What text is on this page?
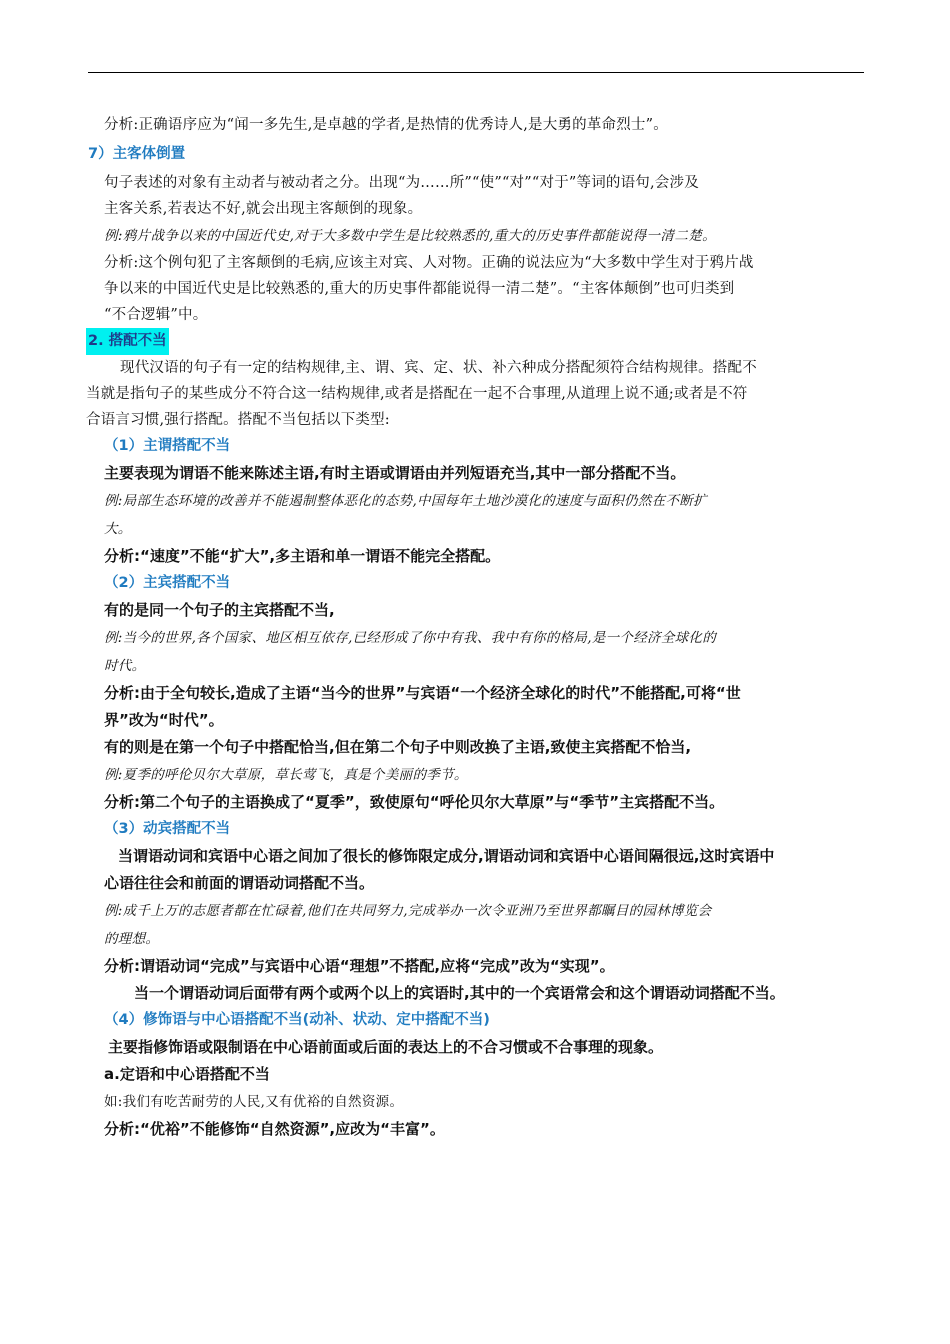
分析:正确语序应为“闻一多先生,是卓越的学者,是热情的优秀诗人,是大勇的革命烈士”。
7）主客体倒置
句子表述的对象有主动者与被动者之分。出现“为……所”“使”“对”“对于”等词的语句,会涉及
主客关系,若表达不好,就会出现主客颠倒的现象。
例:鸦片战争以来的中国近代史,对于大多数中学生是比较熟悉的,重大的历史事件都能说得一清二楚。
分析:这个例句犯了主客颠倒的毛病,应该主对宾、人对物。正确的说法应为“大多数中学生对于鸦片战
争以来的中国近代史是比较熟悉的,重大的历史事件都能说得一清二楚”。“主客体颠倒”也可归类到
“不合逻辑”中。
2. 搭配不当
现代汉语的句子有一定的结构规律,主、谓、宾、定、状、补六种成分搭配须符合结构规律。搭配不
当就是指句子的某些成分不符合这一结构规律,或者是搭配在一起不合事理,从道理上说不通;或者是不符
合语言习惯,强行搭配。搭配不当包括以下类型:
（1）主谓搭配不当
主要表现为谓语不能来陈述主语,有时主语或谓语由并列短语充当,其中一部分搭配不当。
例:局部生态环境的改善并不能遏制整体恶化的态势,中国每年土地沙漠化的速度与面积仍然在不断扩
大。
分析:“速度”不能“扩大”,多主语和单一谓语不能完全搭配。
（2）主宾搭配不当
有的是同一个句子的主宾搭配不当,
例:当今的世界,各个国家、地区相互依存,已经形成了你中有我、我中有你的格局,是一个经济全球化的
时代。
分析:由于全句较长,造成了主语“当今的世界”与宾语“一个经济全球化的时代”不能搭配,可将“世
界”改为“时代”。
有的则是在第一个句子中搭配恰当,但在第二个句子中则改换了主语,致使主宾搭配不恰当,
例:夏季的呼伦贝尔大草原，草长莺飞，真是个美丽的季节。
分析:第二个句子的主语换成了“夏季”，致使原句“呼伦贝尔大草原”与“季节”主宾搭配不当。
（3）动宾搭配不当
当谓语动词和宾语中心语之间加了很长的修饰限定成分,谓语动词和宾语中心语间隔很远,这时宾语中
心语往往会和前面的谓语动词搭配不当。
例:成千上万的志愿者都在忙碌着,他们在共同努力,完成举办一次令亚洲乃至世界都瞩目的园林博览会
的理想。
分析:谓语动词“完成”与宾语中心语“理想”不搭配,应将“完成”改为“实现”。
当一个谓语动词后面带有两个或两个以上的宾语时,其中的一个宾语常会和这个谓语动词搭配不当。
（4）修饰语与中心语搭配不当(动补、状动、定中搭配不当)
主要指修饰语或限制语在中心语前面或后面的表达上的不合习惯或不合事理的现象。
a.定语和中心语搭配不当
如:我们有吃苦耐劳的人民,又有优裕的自然资源。
分析:“优裕”不能修饰“自然资源”,应改为“丰富”。
